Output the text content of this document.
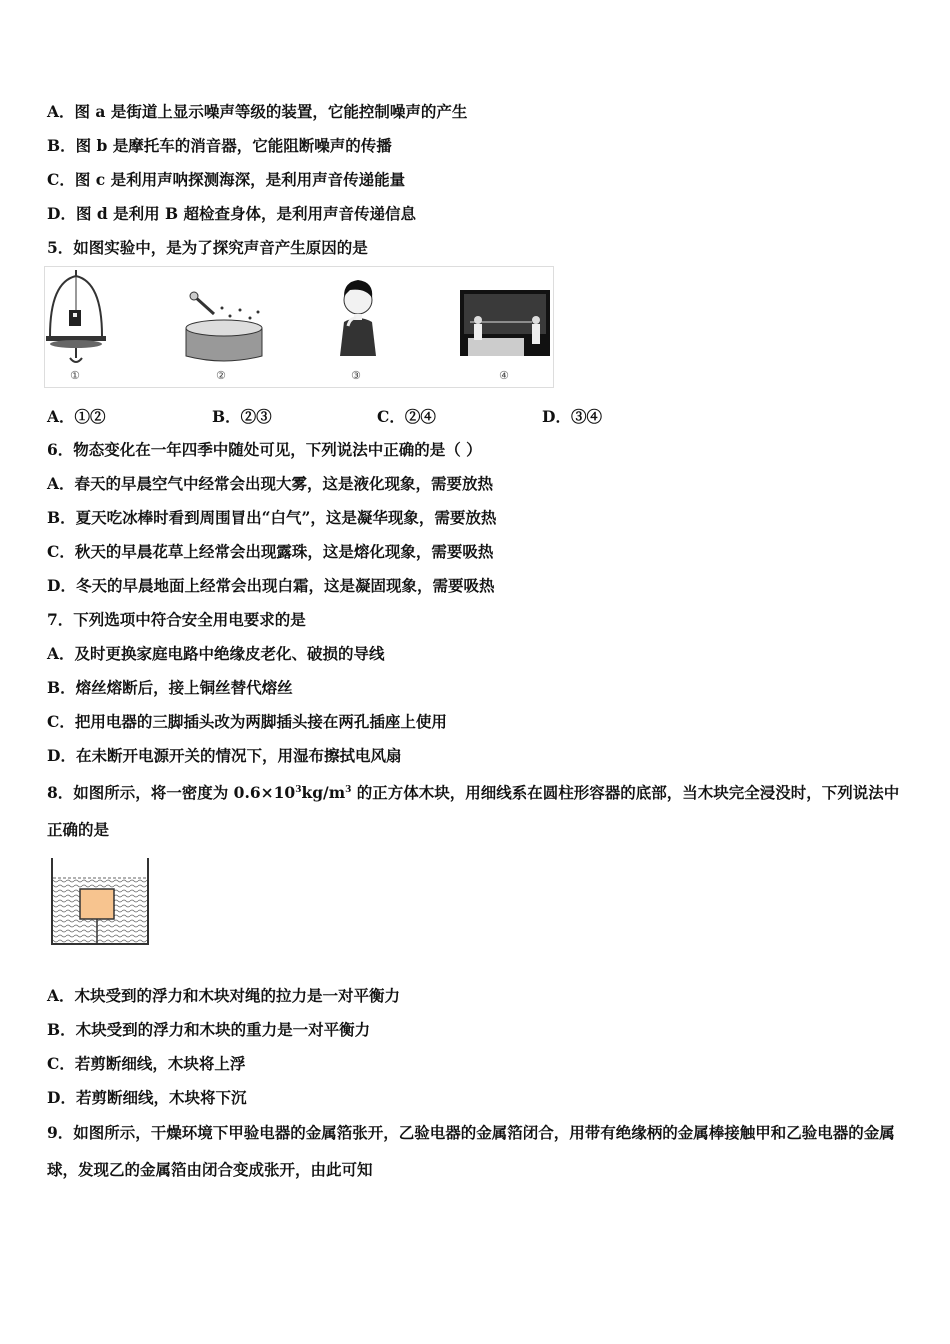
A．图 a 是街道上显示噪声等级的装置，它能控制噪声的产生
B．图 b 是摩托车的消音器，它能阻断噪声的传播
C．图 c 是利用声呐探测海深，是利用声音传递能量
D．图 d 是利用 B 超检查身体，是利用声音传递信息
5．如图实验中，是为了探究声音产生原因的是
①	②	③	④
A．①②	B．②③	C．②④	D．③④
6．物态变化在一年四季中随处可见，下列说法中正确的是（ ）
A．春天的早晨空气中经常会出现大雾，这是液化现象，需要放热
B．夏天吃冰棒时看到周围冒出“白气”，这是凝华现象，需要放热
C．秋天的早晨花草上经常会出现露珠，这是熔化现象，需要吸热
D．冬天的早晨地面上经常会出现白霜，这是凝固现象，需要吸热
7．下列选项中符合安全用电要求的是
A．及时更换家庭电路中绝缘皮老化、破损的导线
B．熔丝熔断后，接上铜丝替代熔丝
C．把用电器的三脚插头改为两脚插头接在两孔插座上使用
D．在未断开电源开关的情况下，用湿布擦拭电风扇
8．如图所示，将一密度为 $0.6\times 10^3kg/m^3$ 的正方体木块，用细线系在圆柱形容器的底部，当木块完全浸没时，下列说法中正确的是
A．木块受到的浮力和木块对绳的拉力是一对平衡力
B．木块受到的浮力和木块的重力是一对平衡力
C．若剪断细线，木块将上浮
D．若剪断细线，木块将下沉
9．如图所示，干燥环境下甲验电器的金属箔张开，乙验电器的金属箔闭合，用带有绝缘柄的金属棒接触甲和乙验电器的金属球，发现乙的金属箔由闭合变成张开，由此可知
